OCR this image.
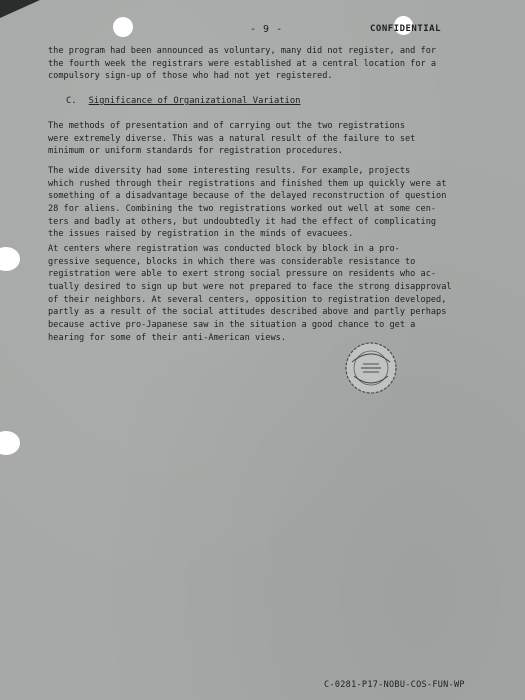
- 9 -	CONFIDENTIAL
the program had been announced as voluntary, many did not register, and for
the fourth week the registrars were established at a central location for a
compulsory sign-up of those who had not yet registered.
C. Significance of Organizational Variation
The methods of presentation and of carrying out the two registrations
were extremely diverse. This was a natural result of the failure to set
minimum or uniform standards for registration procedures.
The wide diversity had some interesting results. For example, projects
which rushed through their registrations and finished them up quickly were at
something of a disadvantage because of the delayed reconstruction of question
28 for aliens. Combining the two registrations worked out well at some cen-
ters and badly at others, but undoubtedly it had the effect of complicating
the issues raised by registration in the minds of evacuees.
At centers where registration was conducted block by block in a pro-
gressive sequence, blocks in which there was considerable resistance to
registration were able to exert strong social pressure on residents who ac-
tually desired to sign up but were not prepared to face the strong disapproval
of their neighbors. At several centers, opposition to registration developed,
partly as a result of the social attitudes described above and partly perhaps
because active pro-Japanese saw in the situation a good chance to get a
hearing for some of their anti-American views.
C-0281-P17-NOBU-COS-FUN-WP
